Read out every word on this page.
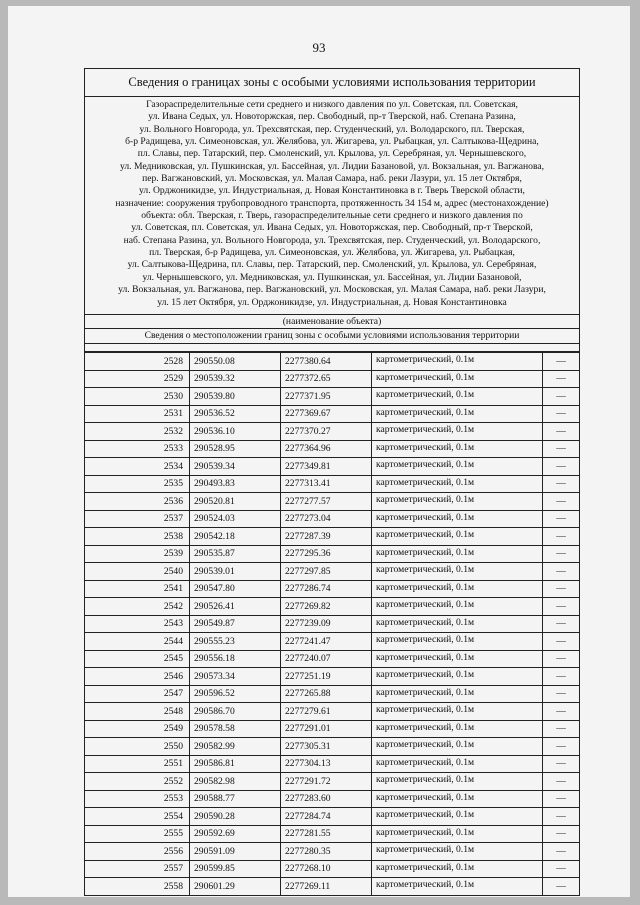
93
Сведения о границах зоны с особыми условиями использования территории
Газораспределительные сети среднего и низкого давления по ул. Советская, пл. Советская,
ул. Ивана Седых, ул. Новоторжская, пер. Свободный, пр-т Тверской, наб. Степана Разина,
ул. Вольного Новгорода, ул. Трехсвятская, пер. Студенческий, ул. Володарского, пл. Тверская,
б-р Радищева, ул. Симеоновская, ул. Желябова, ул. Жигарева, ул. Рыбацкая, ул. Салтыкова-Щедрина,
пл. Славы, пер. Татарский, пер. Смоленский, ул. Крылова, ул. Серебряная, ул. Чернышевского,
ул. Медниковская, ул. Пушкинская, ул. Бассейная, ул. Лидии Базановой, ул. Вокзальная, ул. Вагжанова,
пер. Вагжановский, ул. Московская, ул. Малая Самара, наб. реки Лазури, ул. 15 лет Октября,
ул. Орджоникидзе, ул. Индустриальная, д. Новая Константиновка в г. Тверь Тверской области,
назначение: сооружения трубопроводного транспорта, протяженность 34 154 м, адрес (местонахождение)
объекта: обл. Тверская, г. Тверь, газораспределительные сети среднего и низкого давления по
ул. Советская, пл. Советская, ул. Ивана Седых, ул. Новоторжская, пер. Свободный, пр-т Тверской,
наб. Степана Разина, ул. Вольного Новгорода, ул. Трехсвятская, пер. Студенческий, ул. Володарского,
пл. Тверская, б-р Радищева, ул. Симеоновская, ул. Желябова, ул. Жигарева, ул. Рыбацкая,
ул. Салтыкова-Щедрина, пл. Славы, пер. Татарский, пер. Смоленский, ул. Крылова, ул. Серебряная,
ул. Чернышевского, ул. Медниковская, ул. Пушкинская, ул. Бассейная, ул. Лидии Базановой,
ул. Вокзальная, ул. Вагжанова, пер. Вагжановский, ул. Московская, ул. Малая Самара, наб. реки Лазури,
ул. 15 лет Октября, ул. Орджоникидзе, ул. Индустриальная, д. Новая Константиновка
(наименование объекта)
Сведения о местоположении границ зоны с особыми условиями использования территории
2528	290550.08	2277380.64	картометрический, 0.1м	—
2529	290539.32	2277372.65	картометрический, 0.1м	—
2530	290539.80	2277371.95	картометрический, 0.1м	—
2531	290536.52	2277369.67	картометрический, 0.1м	—
2532	290536.10	2277370.27	картометрический, 0.1м	—
2533	290528.95	2277364.96	картометрический, 0.1м	—
2534	290539.34	2277349.81	картометрический, 0.1м	—
2535	290493.83	2277313.41	картометрический, 0.1м	—
2536	290520.81	2277277.57	картометрический, 0.1м	—
2537	290524.03	2277273.04	картометрический, 0.1м	—
2538	290542.18	2277287.39	картометрический, 0.1м	—
2539	290535.87	2277295.36	картометрический, 0.1м	—
2540	290539.01	2277297.85	картометрический, 0.1м	—
2541	290547.80	2277286.74	картометрический, 0.1м	—
2542	290526.41	2277269.82	картометрический, 0.1м	—
2543	290549.87	2277239.09	картометрический, 0.1м	—
2544	290555.23	2277241.47	картометрический, 0.1м	—
2545	290556.18	2277240.07	картометрический, 0.1м	—
2546	290573.34	2277251.19	картометрический, 0.1м	—
2547	290596.52	2277265.88	картометрический, 0.1м	—
2548	290586.70	2277279.61	картометрический, 0.1м	—
2549	290578.58	2277291.01	картометрический, 0.1м	—
2550	290582.99	2277305.31	картометрический, 0.1м	—
2551	290586.81	2277304.13	картометрический, 0.1м	—
2552	290582.98	2277291.72	картометрический, 0.1м	—
2553	290588.77	2277283.60	картометрический, 0.1м	—
2554	290590.28	2277284.74	картометрический, 0.1м	—
2555	290592.69	2277281.55	картометрический, 0.1м	—
2556	290591.09	2277280.35	картометрический, 0.1м	—
2557	290599.85	2277268.10	картометрический, 0.1м	—
2558	290601.29	2277269.11	картометрический, 0.1м	—
